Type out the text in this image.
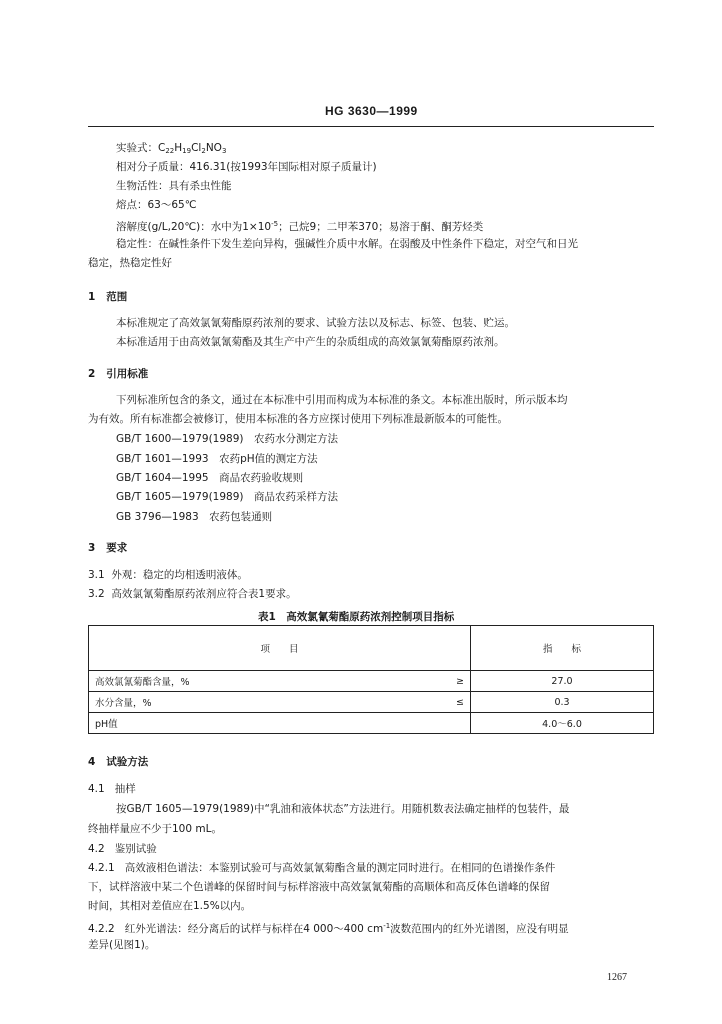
HG 3630—1999
实验式：$C_{22}H_{19}Cl_2NO_3$
相对分子质量：416.31(按1993年国际相对原子质量计)
生物活性：具有杀虫性能
熔点：63～65℃
溶解度(g/L,20℃)：水中为$1\times 10^{-5}$；己烷9；二甲苯370；易溶于酮、酮芳烃类
稳定性：在碱性条件下发生差向异构，强碱性介质中水解。在弱酸及中性条件下稳定，对空气和日光
稳定，热稳定性好
1 范围
本标准规定了高效氯氰菊酯原药浓剂的要求、试验方法以及标志、标签、包装、贮运。
本标准适用于由高效氯氰菊酯及其生产中产生的杂质组成的高效氯氰菊酯原药浓剂。
2 引用标准
下列标准所包含的条文，通过在本标准中引用而构成为本标准的条文。本标准出版时，所示版本均
为有效。所有标准都会被修订，使用本标准的各方应探讨使用下列标准最新版本的可能性。
GB/T 1600—1979(1989)　农药水分测定方法
GB/T 1601—1993　农药pH值的测定方法
GB/T 1604—1995　商品农药验收规则
GB/T 1605—1979(1989)　商品农药采样方法
GB 3796—1983　农药包装通则
3 要求
3.1 外观：稳定的均相透明液体。
3.2 高效氯氰菊酯原药浓剂应符合表1要求。
表1　高效氯氰菊酯原药浓剂控制项目指标
项　　目		指　　标
高效氯氰菊酯含量，%	≥	27.0
水分含量，%	≤	0.3
pH值		4.0～6.0
4 试验方法
4.1 抽样
按GB/T 1605—1979(1989)中“乳油和液体状态”方法进行。用随机数表法确定抽样的包装件，最
终抽样量应不少于100 mL。
4.2 鉴别试验
4.2.1 高效液相色谱法：本鉴别试验可与高效氯氰菊酯含量的测定同时进行。在相同的色谱操作条件
下，试样溶液中某二个色谱峰的保留时间与标样溶液中高效氯氰菊酯的高顺体和高反体色谱峰的保留
时间，其相对差值应在1.5%以内。
4.2.2 红外光谱法：经分离后的试样与标样在4 000～400 $cm^{-1}$波数范围内的红外光谱图，应没有明显
差异(见图1)。
1267
